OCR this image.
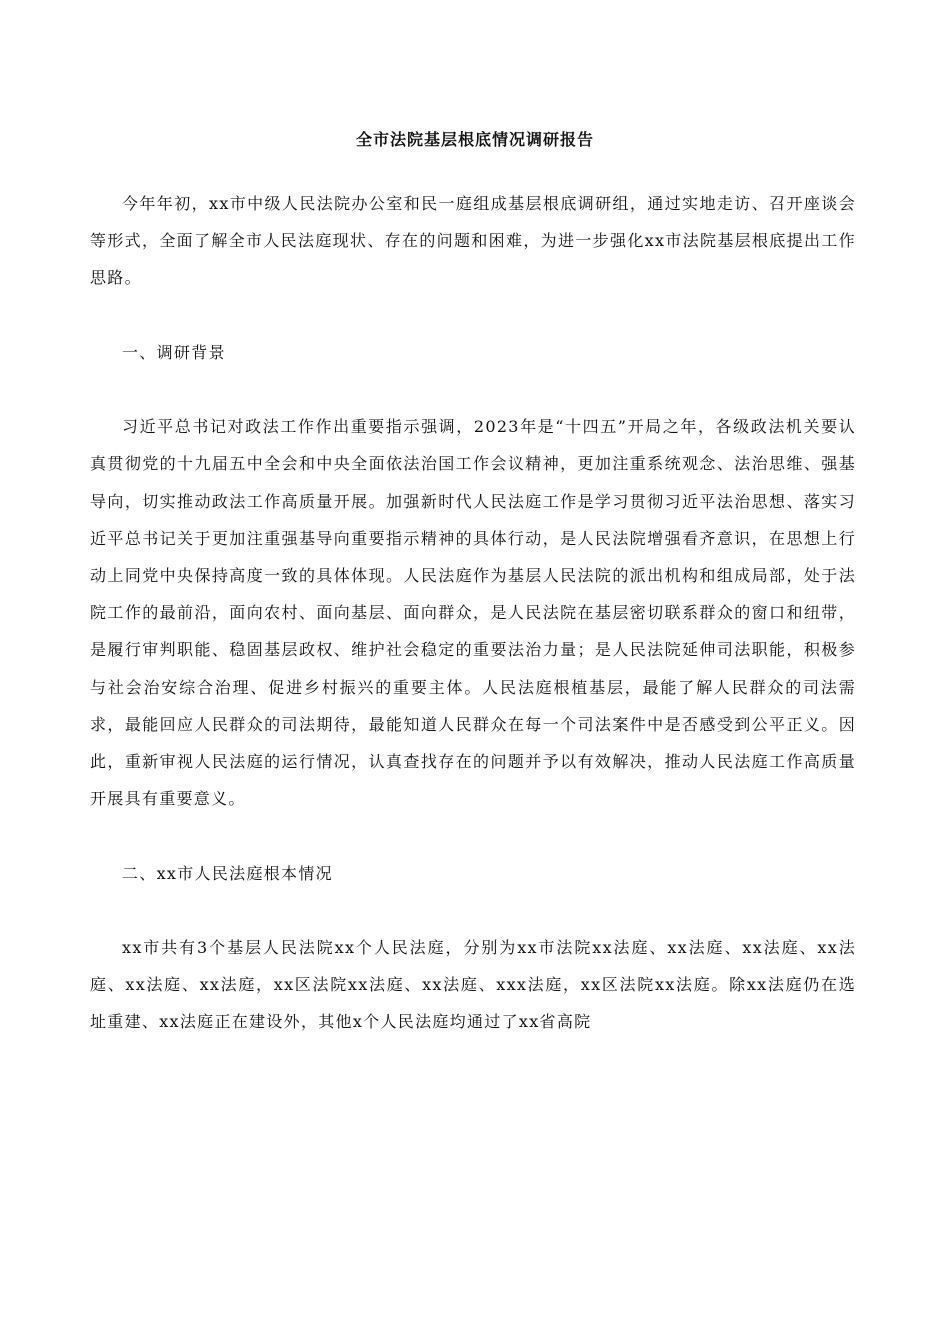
全市法院基层根底情况调研报告

今年年初，xx市中级人民法院办公室和民一庭组成基层根底调研组，通过实地走访、召开座谈会等形式，全面了解全市人民法庭现状、存在的问题和困难，为进一步强化xx市法院基层根底提出工作思路。

一、调研背景

习近平总书记对政法工作作出重要指示强调，2023年是“十四五”开局之年，各级政法机关要认真贯彻党的十九届五中全会和中央全面依法治国工作会议精神，更加注重系统观念、法治思维、强基导向，切实推动政法工作高质量开展。加强新时代人民法庭工作是学习贯彻习近平法治思想、落实习近平总书记关于更加注重强基导向重要指示精神的具体行动，是人民法院增强看齐意识，在思想上行动上同党中央保持高度一致的具体体现。人民法庭作为基层人民法院的派出机构和组成局部，处于法院工作的最前沿，面向农村、面向基层、面向群众，是人民法院在基层密切联系群众的窗口和纽带，是履行审判职能、稳固基层政权、维护社会稳定的重要法治力量；是人民法院延伸司法职能，积极参与社会治安综合治理、促进乡村振兴的重要主体。人民法庭根植基层，最能了解人民群众的司法需求，最能回应人民群众的司法期待，最能知道人民群众在每一个司法案件中是否感受到公平正义。因此，重新审视人民法庭的运行情况，认真查找存在的问题并予以有效解决，推动人民法庭工作高质量开展具有重要意义。

二、xx市人民法庭根本情况

xx市共有3个基层人民法院xx个人民法庭，分别为xx市法院xx法庭、xx法庭、xx法庭、xx法庭、xx法庭、xx法庭，xx区法院xx法庭、xx法庭、xxx法庭，xx区法院xx法庭。除xx法庭仍在选址重建、xx法庭正在建设外，其他x个人民法庭均通过了xx省高院
